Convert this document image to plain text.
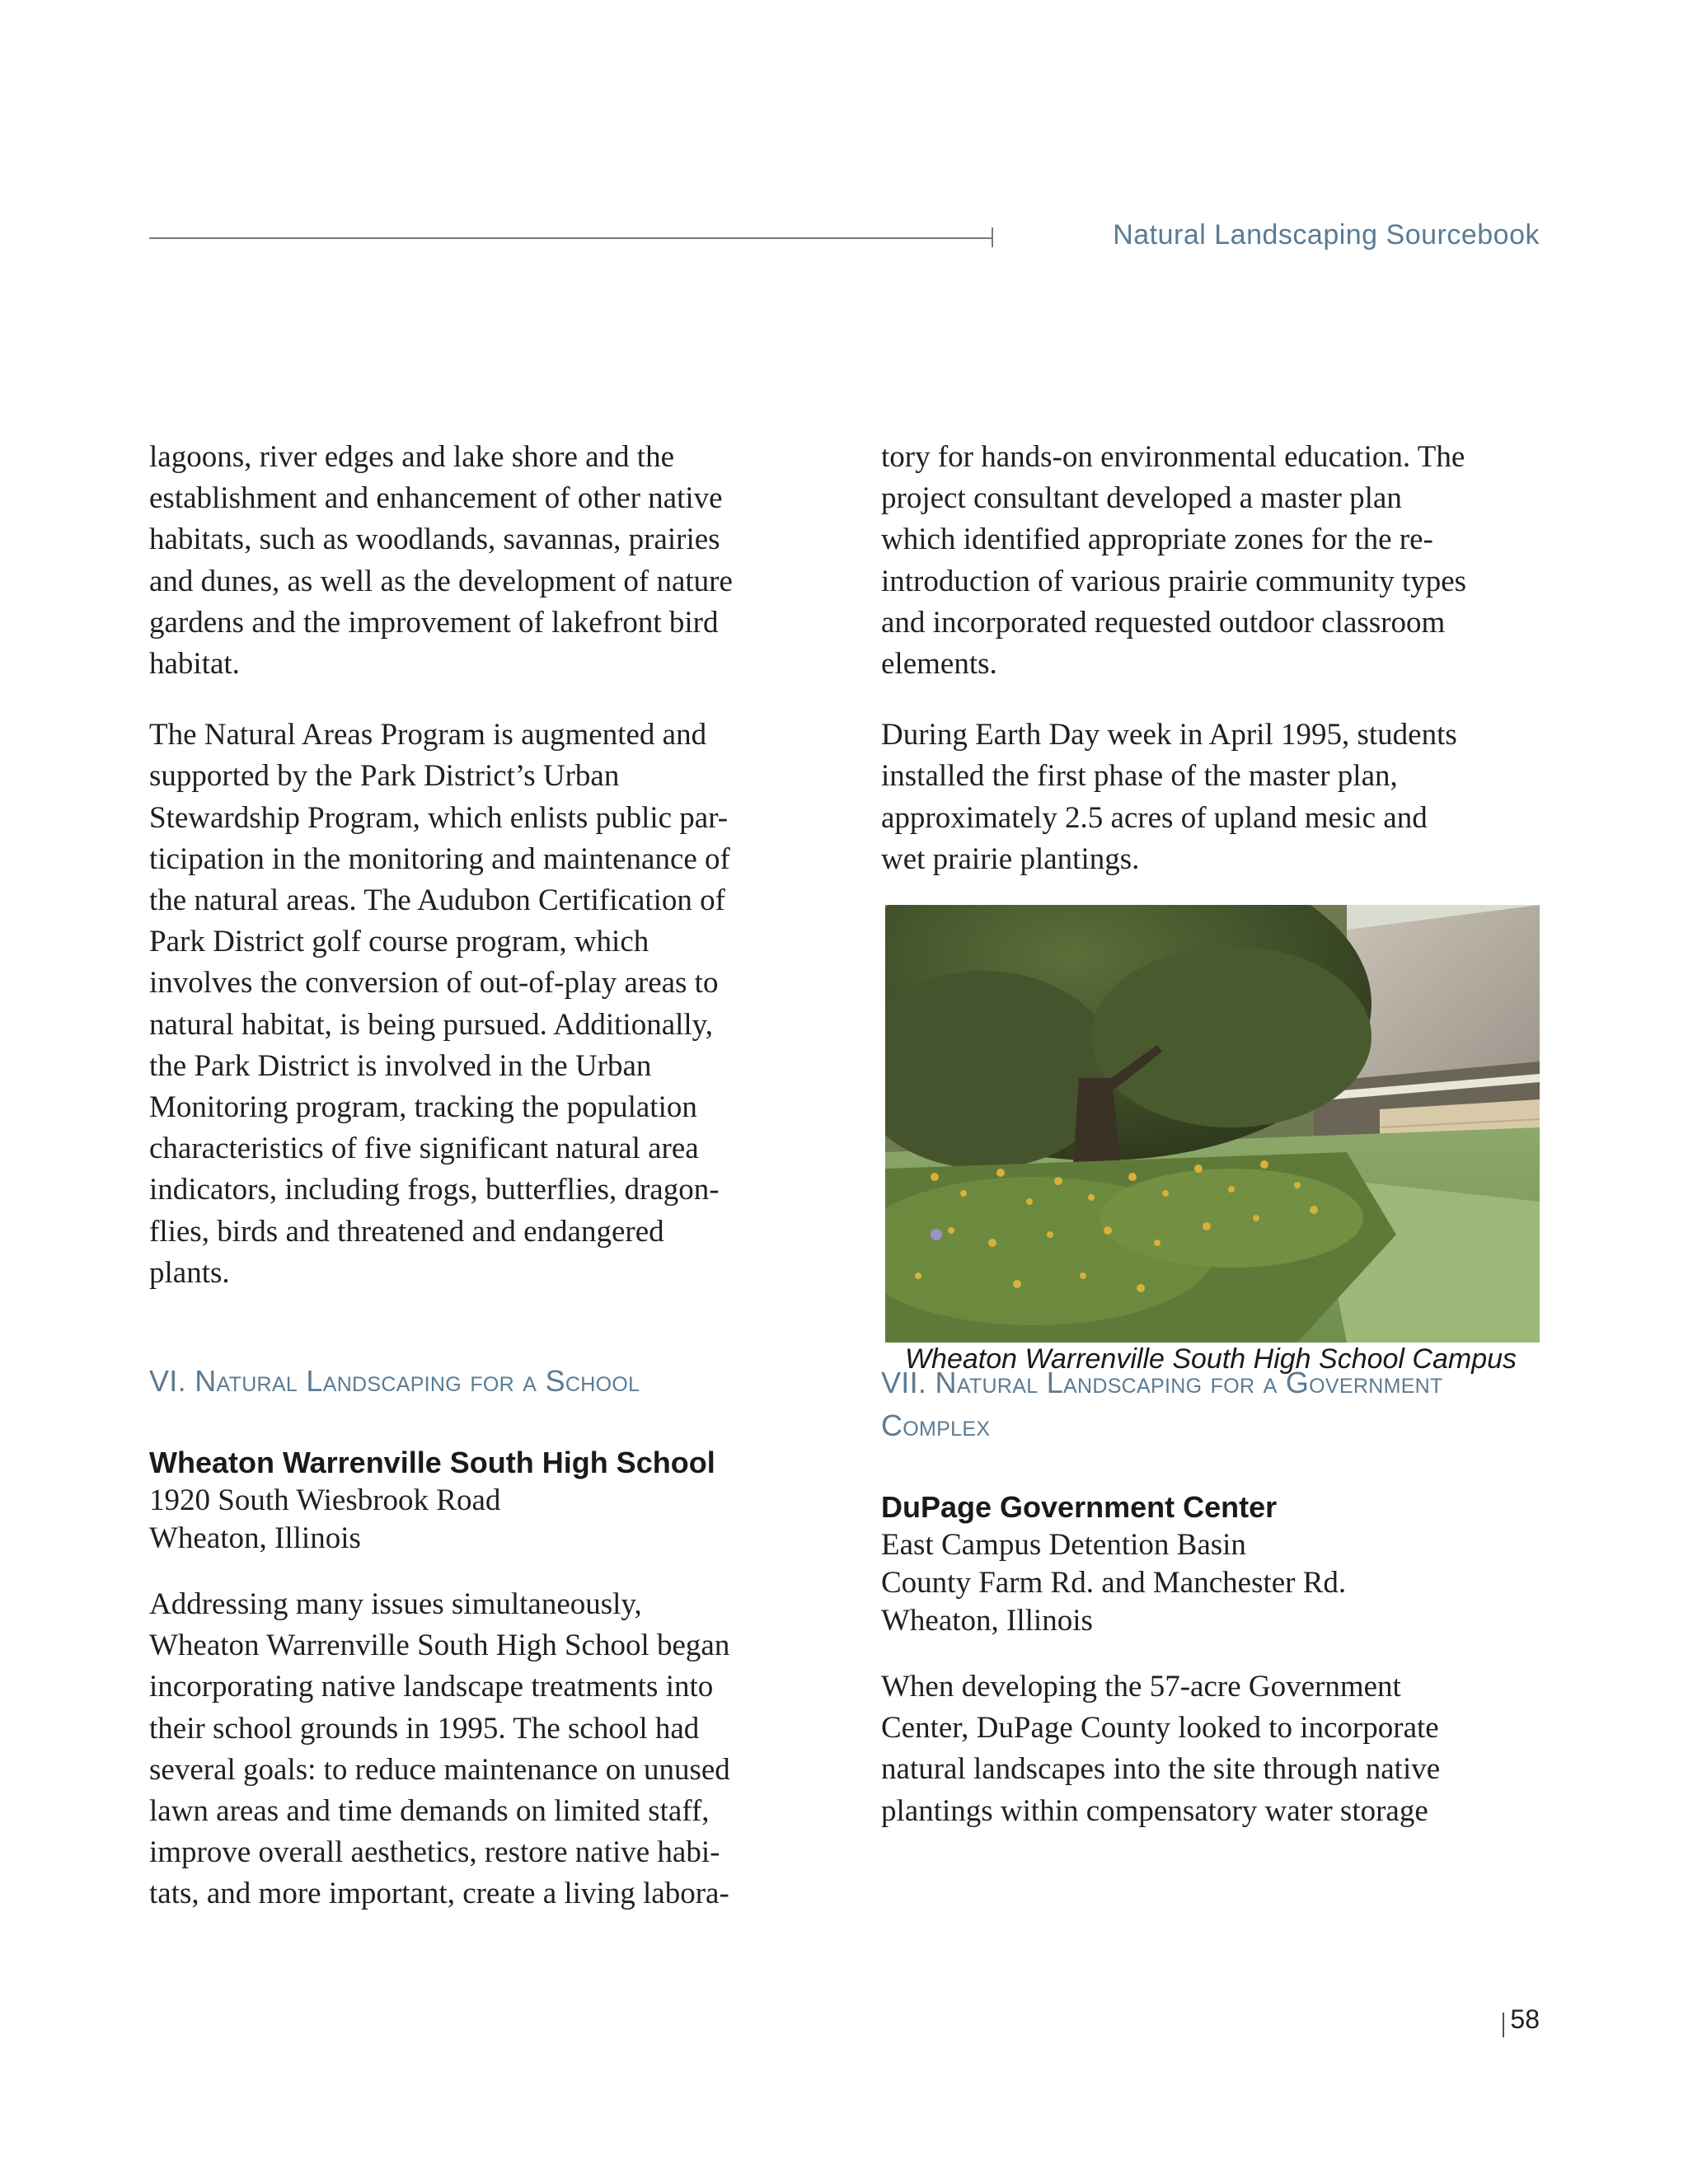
Natural Landscaping Sourcebook

lagoons, river edges and lake shore and the
establishment and enhancement of other native
habitats, such as woodlands, savannas, prairies
and dunes, as well as the development of nature
gardens and the improvement of lakefront bird
habitat.

The Natural Areas Program is augmented and
supported by the Park District’s Urban
Stewardship Program, which enlists public par-
ticipation in the monitoring and maintenance of
the natural areas. The Audubon Certification of
Park District golf course program, which
involves the conversion of out-of-play areas to
natural habitat, is being pursued. Additionally,
the Park District is involved in the Urban
Monitoring program, tracking the population
characteristics of five significant natural area
indicators, including frogs, butterflies, dragon-
flies, birds and threatened and endangered
plants.

VI. Natural Landscaping for a School
Wheaton Warrenville South High School
1920 South Wiesbrook Road
Wheaton, Illinois

Addressing many issues simultaneously,
Wheaton Warrenville South High School began
incorporating native landscape treatments into
their school grounds in 1995. The school had
several goals: to reduce maintenance on unused
lawn areas and time demands on limited staff,
improve overall aesthetics, restore native habi-
tats, and more important, create a living labora-

tory for hands-on environmental education. The
project consultant developed a master plan
which identified appropriate zones for the re-
introduction of various prairie community types
and incorporated requested outdoor classroom
elements.

During Earth Day week in April 1995, students
installed the first phase of the master plan,
approximately 2.5 acres of upland mesic and
wet prairie plantings.

VII. Natural Landscaping for a Government
Complex
DuPage Government Center
East Campus Detention Basin
County Farm Rd. and Manchester Rd.
Wheaton, Illinois

When developing the 57-acre Government
Center, DuPage County looked to incorporate
natural landscapes into the site through native
plantings within compensatory water storage

Wheaton Warrenville South High School Campus
58
